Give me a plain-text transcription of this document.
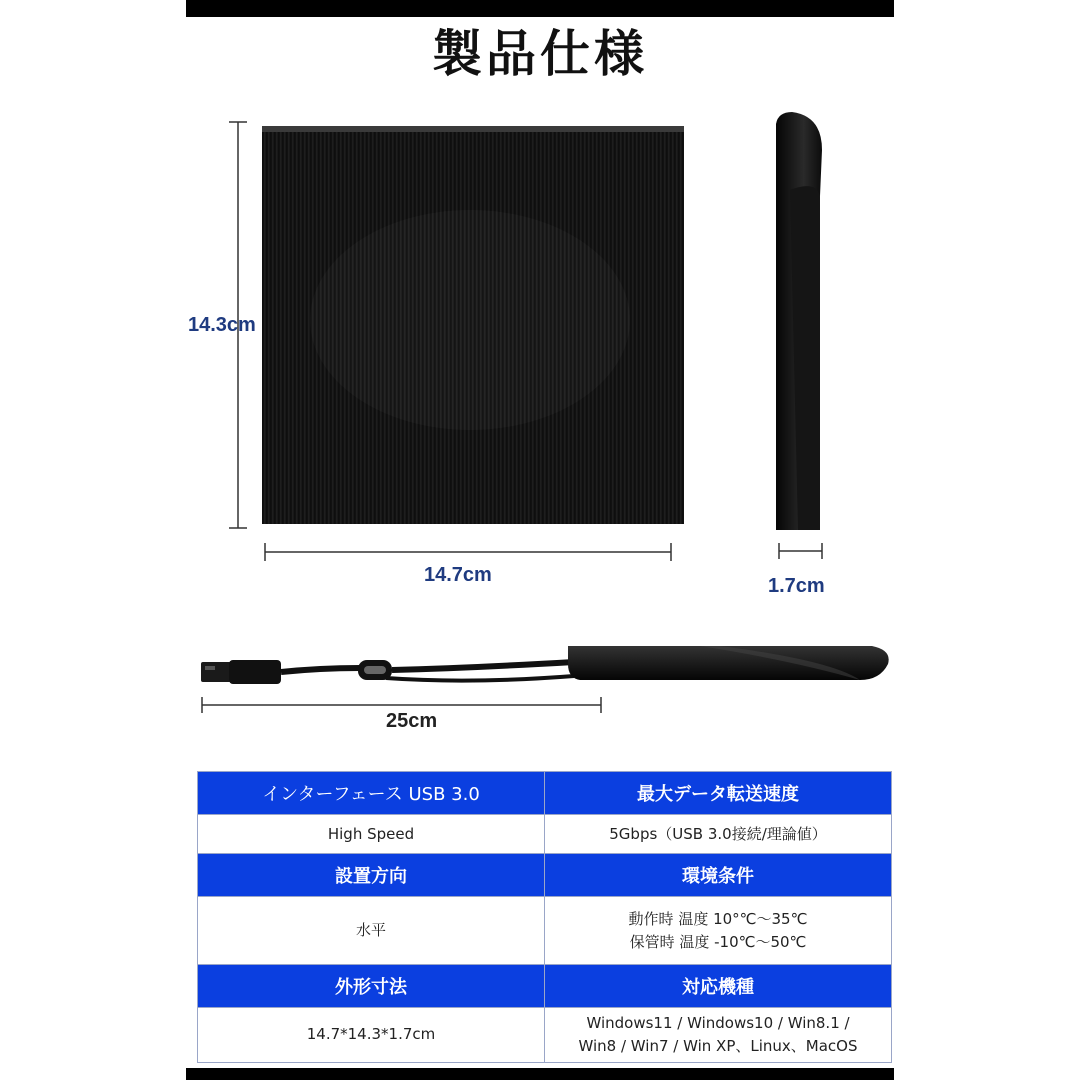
製品仕様
14.3cm
14.7cm	1.7cm
25cm
インターフェース USB 3.0	最大データ転送速度

High Speed	5Gbps（USB 3.0接続/理論値）

設置方向	環境条件

水平	動作時 温度 10°℃～35℃
保管時 温度 -10℃～50℃

外形寸法	対応機種

14.7*14.3*1.7cm	Windows11 / Windows10 / Win8.1 /
Win8 / Win7 / Win XP、Linux、MacOS
